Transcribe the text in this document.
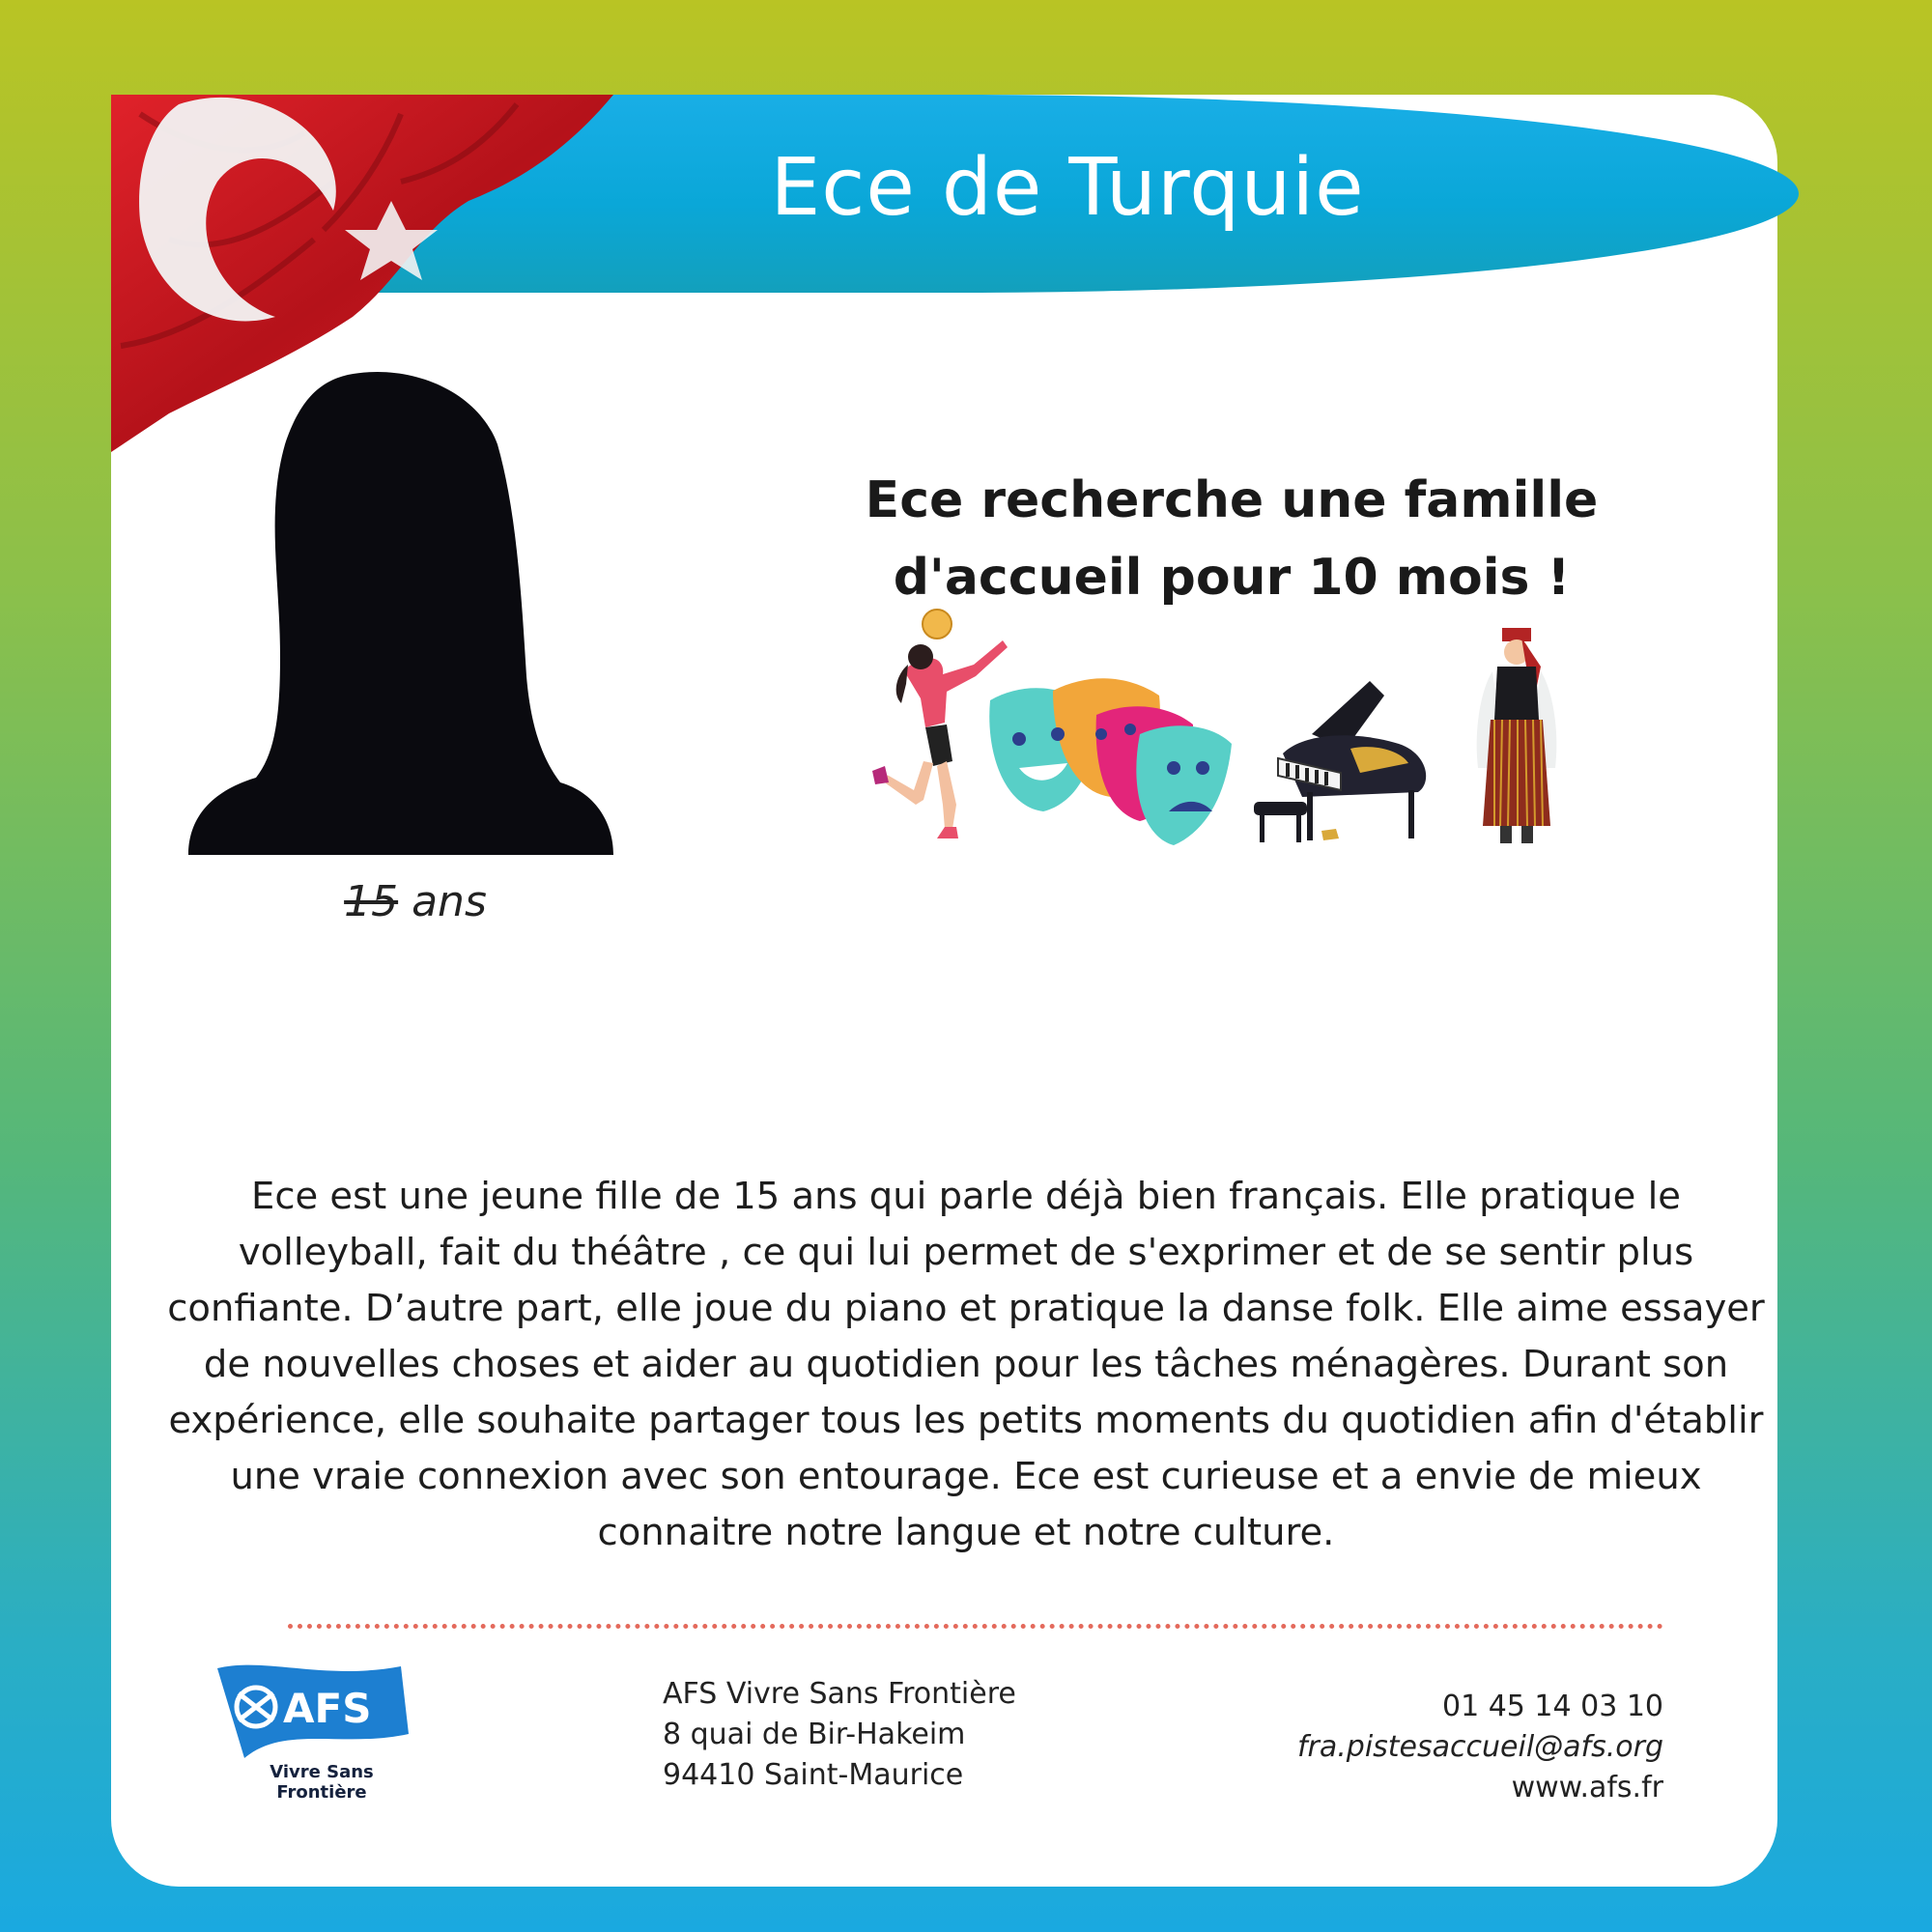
Ece de Turquie
15 ans
Ece recherche une famille
d'accueil pour 10 mois !

Ece est une jeune fille de 15 ans qui parle déjà bien français. Elle pratique le volleyball, fait du théâtre , ce qui lui permet de s'exprimer et de se sentir plus confiante. D’autre part, elle joue du piano et pratique la danse folk. Elle aime essayer de nouvelles choses et aider au quotidien pour les tâches ménagères. Durant son expérience, elle souhaite partager tous les petits moments du quotidien afin d'établir une vraie connexion avec son entourage. Ece est curieuse et a envie de mieux connaitre notre langue et notre culture.

AFS
Vivre Sans
Frontière
AFS Vivre Sans Frontière
8 quai de Bir-Hakeim
94410 Saint-Maurice
01 45 14 03 10
fra.pistesaccueil@afs.org
www.afs.fr
